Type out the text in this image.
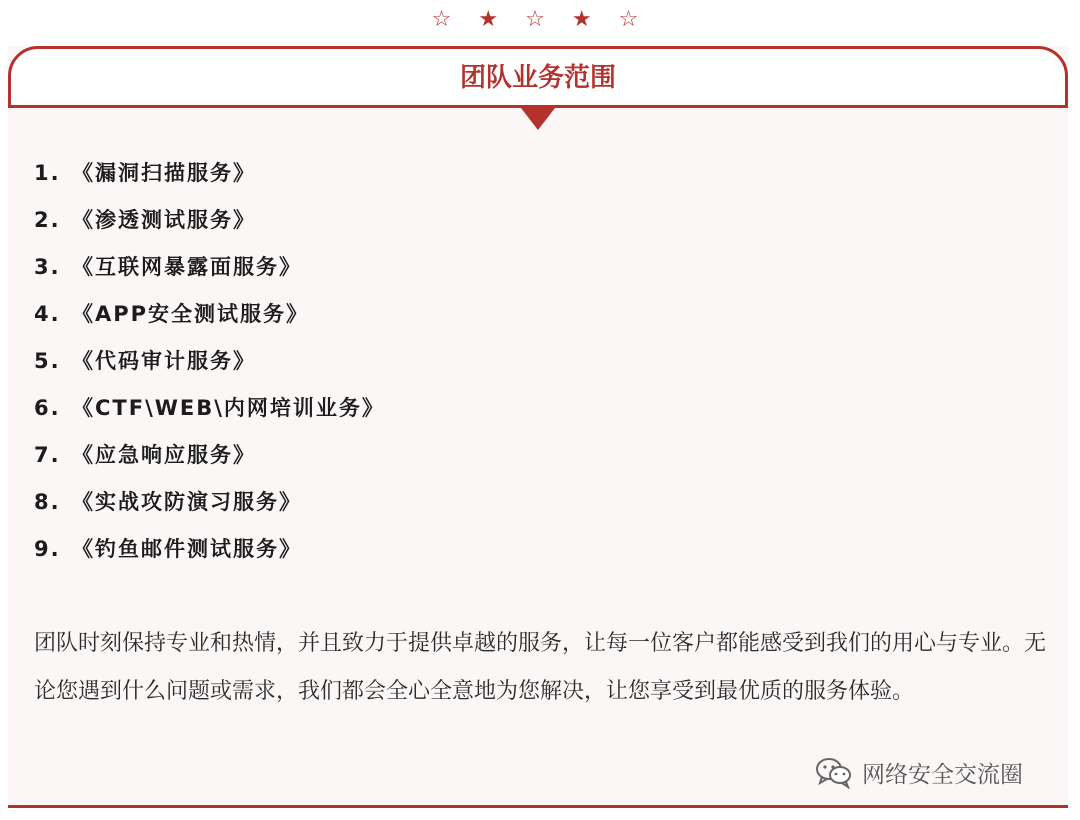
☆ ★ ☆ ★ ☆
团队业务范围
1. 《漏洞扫描服务》
2. 《渗透测试服务》
3. 《互联网暴露面服务》
4. 《APP安全测试服务》
5. 《代码审计服务》
6. 《CTF\WEB\内网培训业务》
7. 《应急响应服务》
8. 《实战攻防演习服务》
9. 《钓鱼邮件测试服务》

团队时刻保持专业和热情，并且致力于提供卓越的服务，让每一位客户都能感受到我们的用心与专业。无论您遇到什么问题或需求，我们都会全心全意地为您解决，让您享受到最优质的服务体验。

网络安全交流圈
